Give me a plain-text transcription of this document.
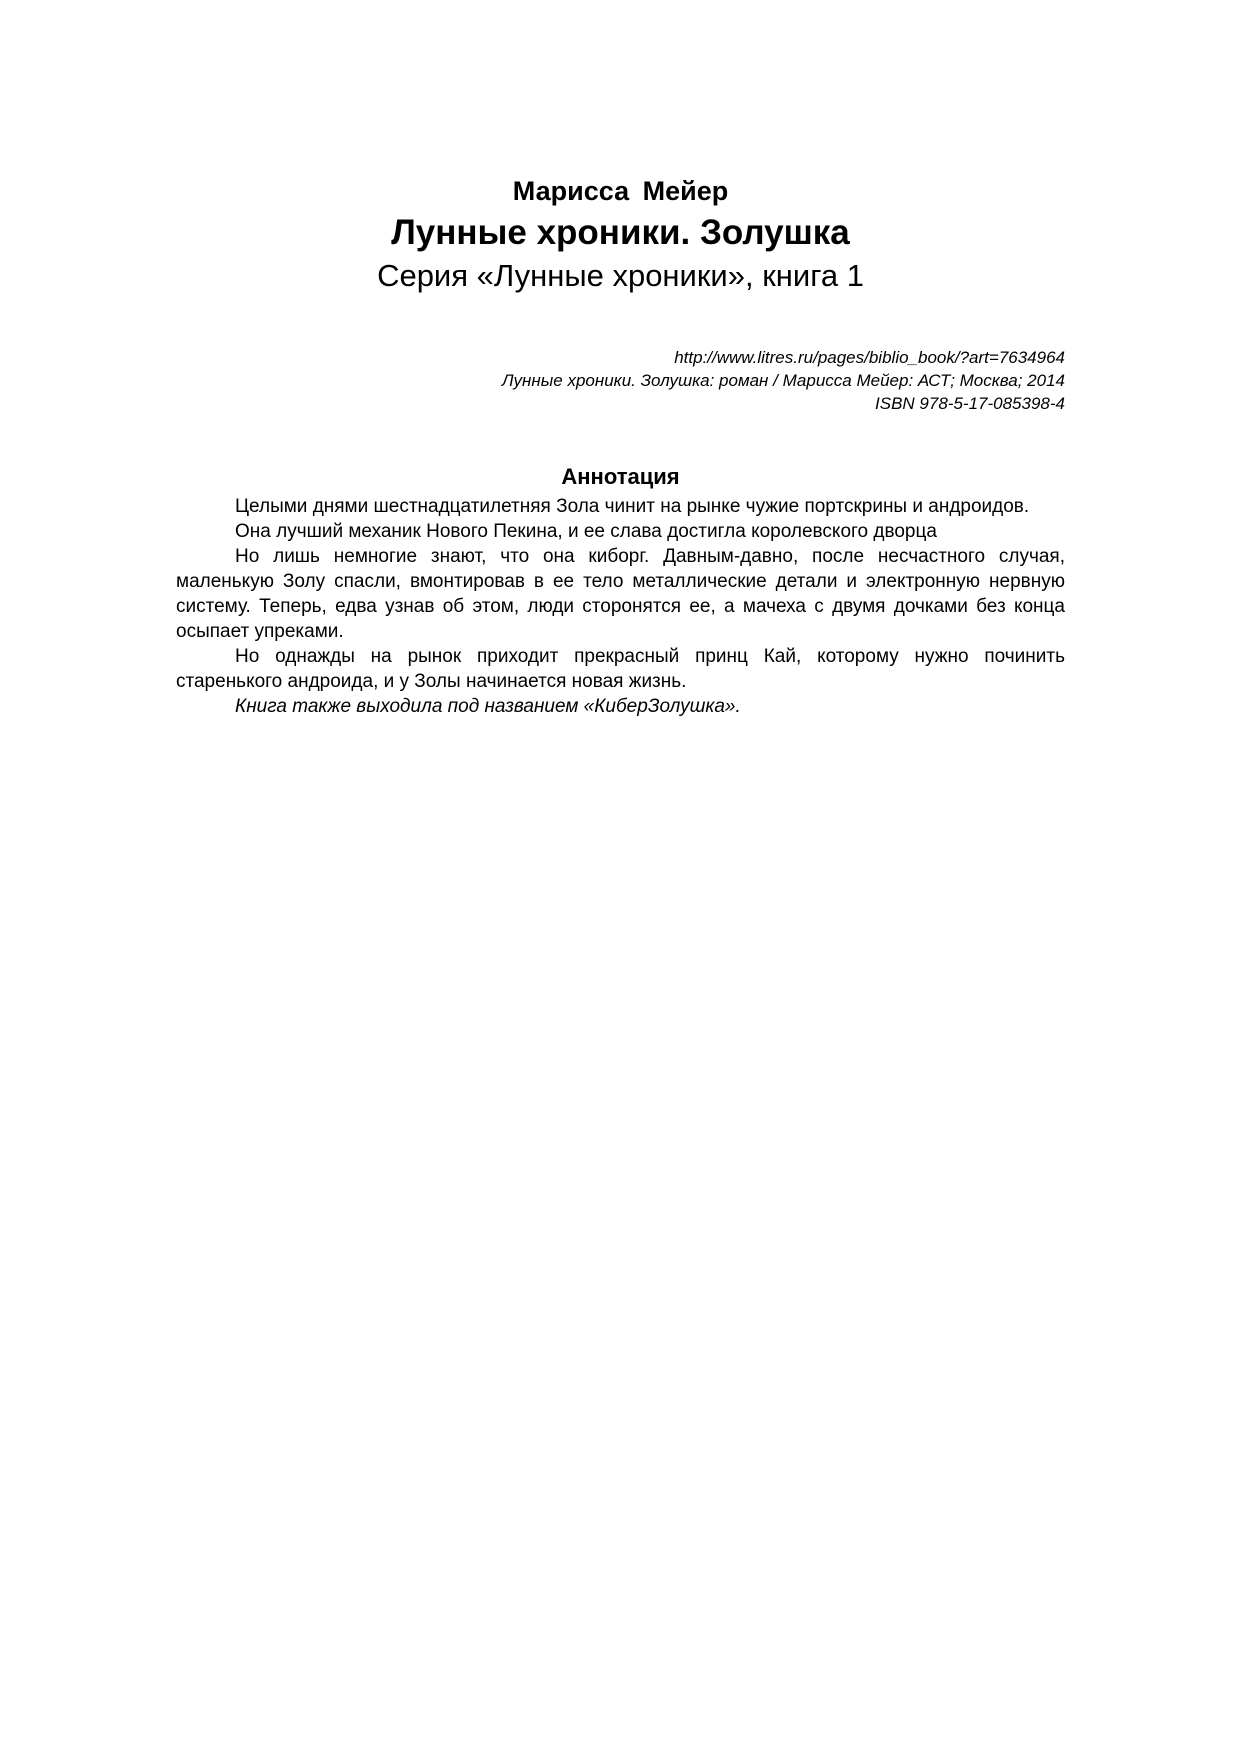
Марисса Мейер
Лунные хроники. Золушка
Серия «Лунные хроники», книга 1
http://www.litres.ru/pages/biblio_book/?art=7634964
Лунные хроники. Золушка: роман / Марисса Мейер: АСТ; Москва; 2014
ISBN 978-5-17-085398-4
Аннотация

Целыми днями шестнадцатилетняя Зола чинит на рынке чужие портскрины и андроидов.

Она лучший механик Нового Пекина, и ее слава достигла королевского дворца

Но лишь немногие знают, что она киборг. Давным-давно, после несчастного случая, маленькую Золу спасли, вмонтировав в ее тело металлические детали и электронную нервную систему. Теперь, едва узнав об этом, люди сторонятся ее, а мачеха с двумя дочками без конца осыпает упреками.

Но однажды на рынок приходит прекрасный принц Кай, которому нужно починить старенького андроида, и у Золы начинается новая жизнь.

Книга также выходила под названием «КиберЗолушка».
